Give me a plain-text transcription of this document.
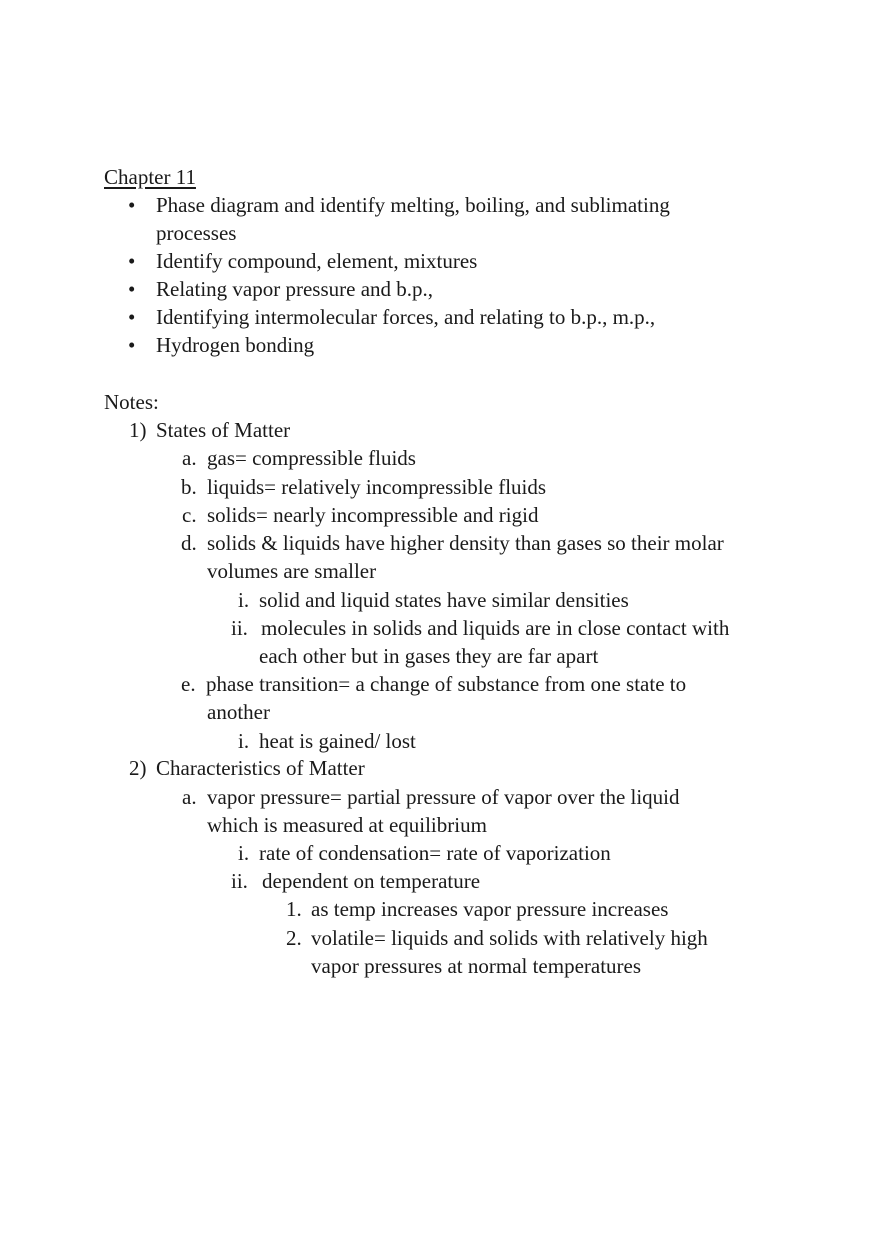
Chapter 11
• Phase diagram and identify melting, boiling, and sublimating
processes
• Identify compound, element, mixtures
• Relating vapor pressure and b.p.,
• Identifying intermolecular forces, and relating to b.p., m.p.,
• Hydrogen bonding
Notes:
1) States of Matter
a. gas= compressible fluids
b. liquids= relatively incompressible fluids
c. solids= nearly incompressible and rigid
d. solids & liquids have higher density than gases so their molar
volumes are smaller
i. solid and liquid states have similar densities
ii. molecules in solids and liquids are in close contact with
each other but in gases they are far apart
e. phase transition= a change of substance from one state to
another
i. heat is gained/ lost
2) Characteristics of Matter
a. vapor pressure= partial pressure of vapor over the liquid
which is measured at equilibrium
i. rate of condensation= rate of vaporization
ii. dependent on temperature
1. as temp increases vapor pressure increases
2. volatile= liquids and solids with relatively high
vapor pressures at normal temperatures
